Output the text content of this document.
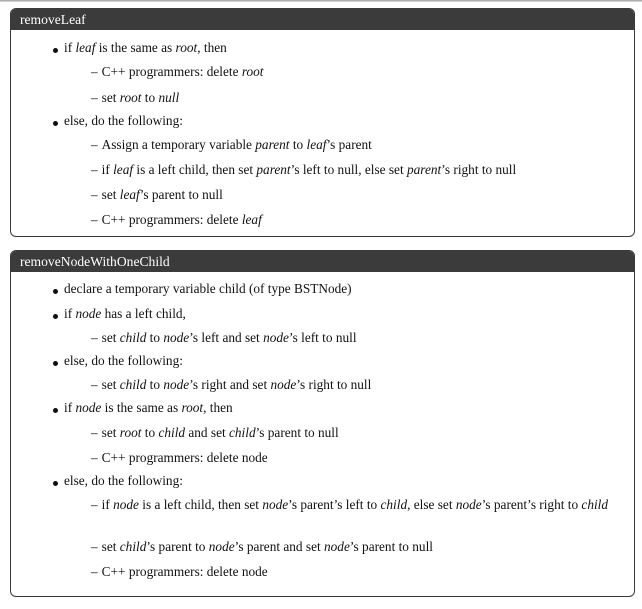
removeLeaf
if leaf is the same as root, then
– C++ programmers: delete root
– set root to null
else, do the following:
– Assign a temporary variable parent to leaf’s parent
– if leaf is a left child, then set parent’s left to null, else set parent’s right to null
– set leaf’s parent to null
– C++ programmers: delete leaf
removeNodeWithOneChild
declare a temporary variable child (of type BSTNode)
if node has a left child,
– set child to node’s left and set node’s left to null
else, do the following:
– set child to node’s right and set node’s right to null
if node is the same as root, then
– set root to child and set child’s parent to null
– C++ programmers: delete node
else, do the following:
– if node is a left child, then set node’s parent’s left to child, else set node’s parent’s right to child
– set child’s parent to node’s parent and set node’s parent to null
– C++ programmers: delete node
